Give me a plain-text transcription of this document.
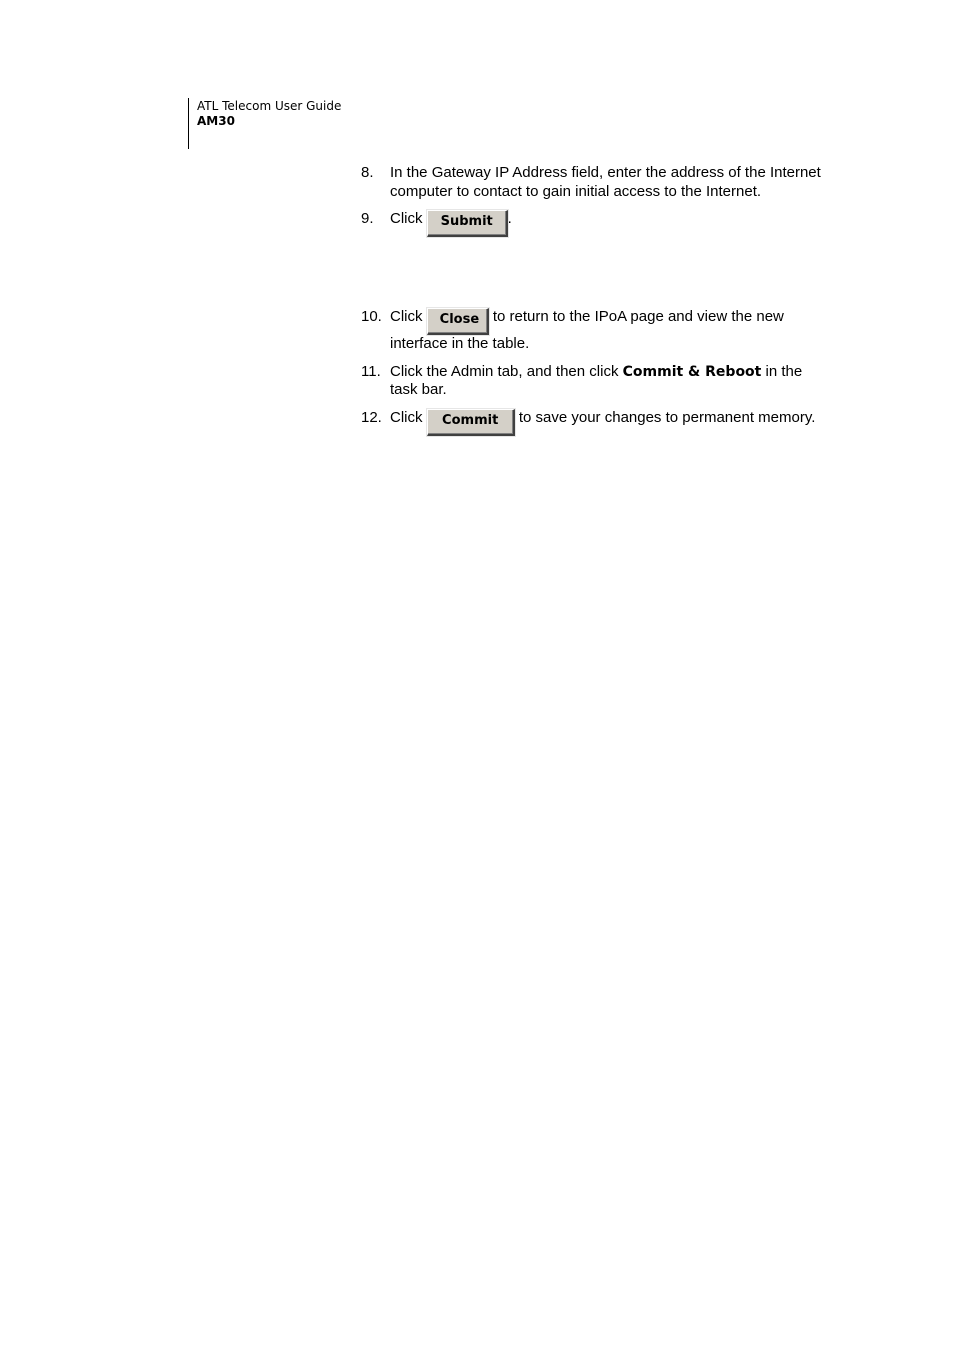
ATL Telecom User Guide
AM30
8. In the Gateway IP Address field, enter the address of the Internet computer to contact to gain initial access to the Internet.
9. Click Submit .
10. Click Close to return to the IPoA page and view the new interface in the table.
11. Click the Admin tab, and then click Commit & Reboot in the task bar.
12. Click Commit to save your changes to permanent memory.
